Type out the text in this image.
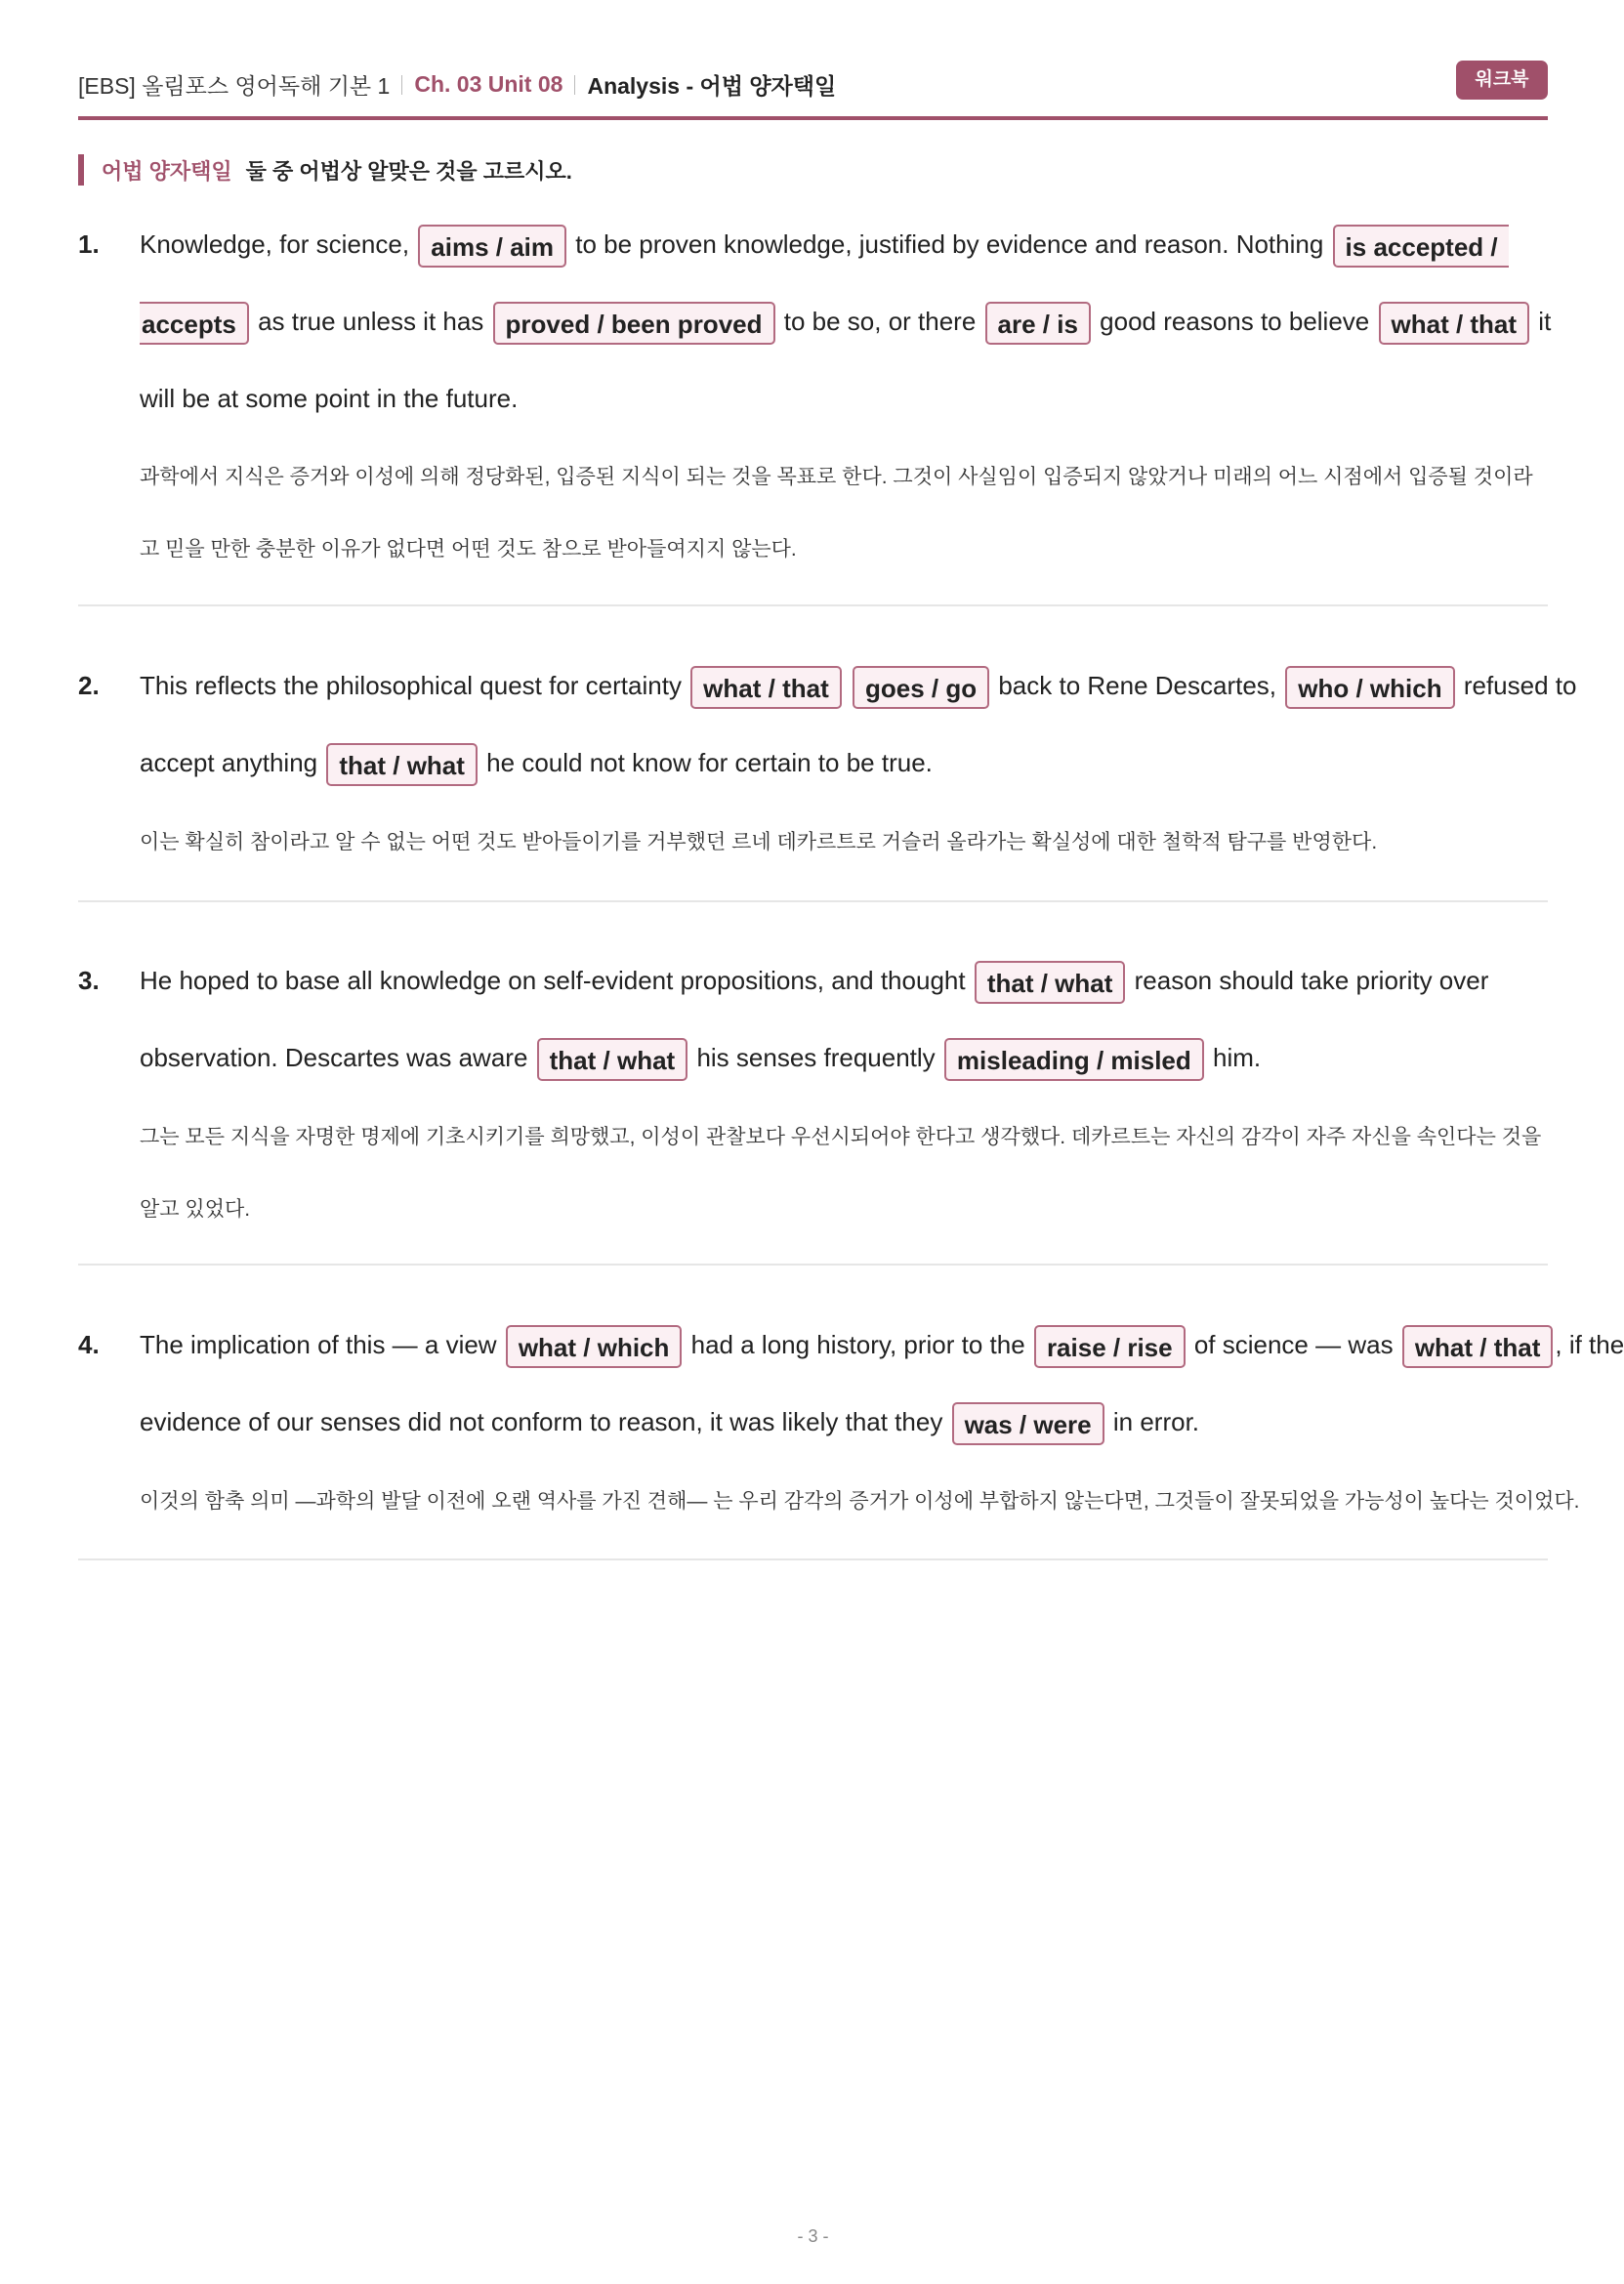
[EBS] 올림포스 영어독해 기본 1 Ch. 03 Unit 08 Analysis - 어법 양자택일	워크북
어법 양자택일 둘 중 어법상 알맞은 것을 고르시오.
1. Knowledge, for science, aims / aim to be proven knowledge, justified by evidence and reason. Nothing is accepted /
accepts as true unless it has proved / been proved to be so, or there are / is good reasons to believe what / that it
will be at some point in the future.
과학에서 지식은 증거와 이성에 의해 정당화된, 입증된 지식이 되는 것을 목표로 한다. 그것이 사실임이 입증되지 않았거나 미래의 어느 시점에서 입증될 것이라
고 믿을 만한 충분한 이유가 없다면 어떤 것도 참으로 받아들여지지 않는다.
2. This reflects the philosophical quest for certainty what / that goes / go back to Rene Descartes, who / which refused to
accept anything that / what he could not know for certain to be true.
이는 확실히 참이라고 알 수 없는 어떤 것도 받아들이기를 거부했던 르네 데카르트로 거슬러 올라가는 확실성에 대한 철학적 탐구를 반영한다.
3. He hoped to base all knowledge on self-evident propositions, and thought that / what reason should take priority over
observation. Descartes was aware that / what his senses frequently misleading / misled him.
그는 모든 지식을 자명한 명제에 기초시키기를 희망했고, 이성이 관찰보다 우선시되어야 한다고 생각했다. 데카르트는 자신의 감각이 자주 자신을 속인다는 것을
알고 있었다.
4. The implication of this — a view what / which had a long history, prior to the raise / rise of science — was what / that , if the
evidence of our senses did not conform to reason, it was likely that they was / were in error.
이것의 함축 의미 —과학의 발달 이전에 오랜 역사를 가진 견해— 는 우리 감각의 증거가 이성에 부합하지 않는다면, 그것들이 잘못되었을 가능성이 높다는 것이었다.
- 3 -
